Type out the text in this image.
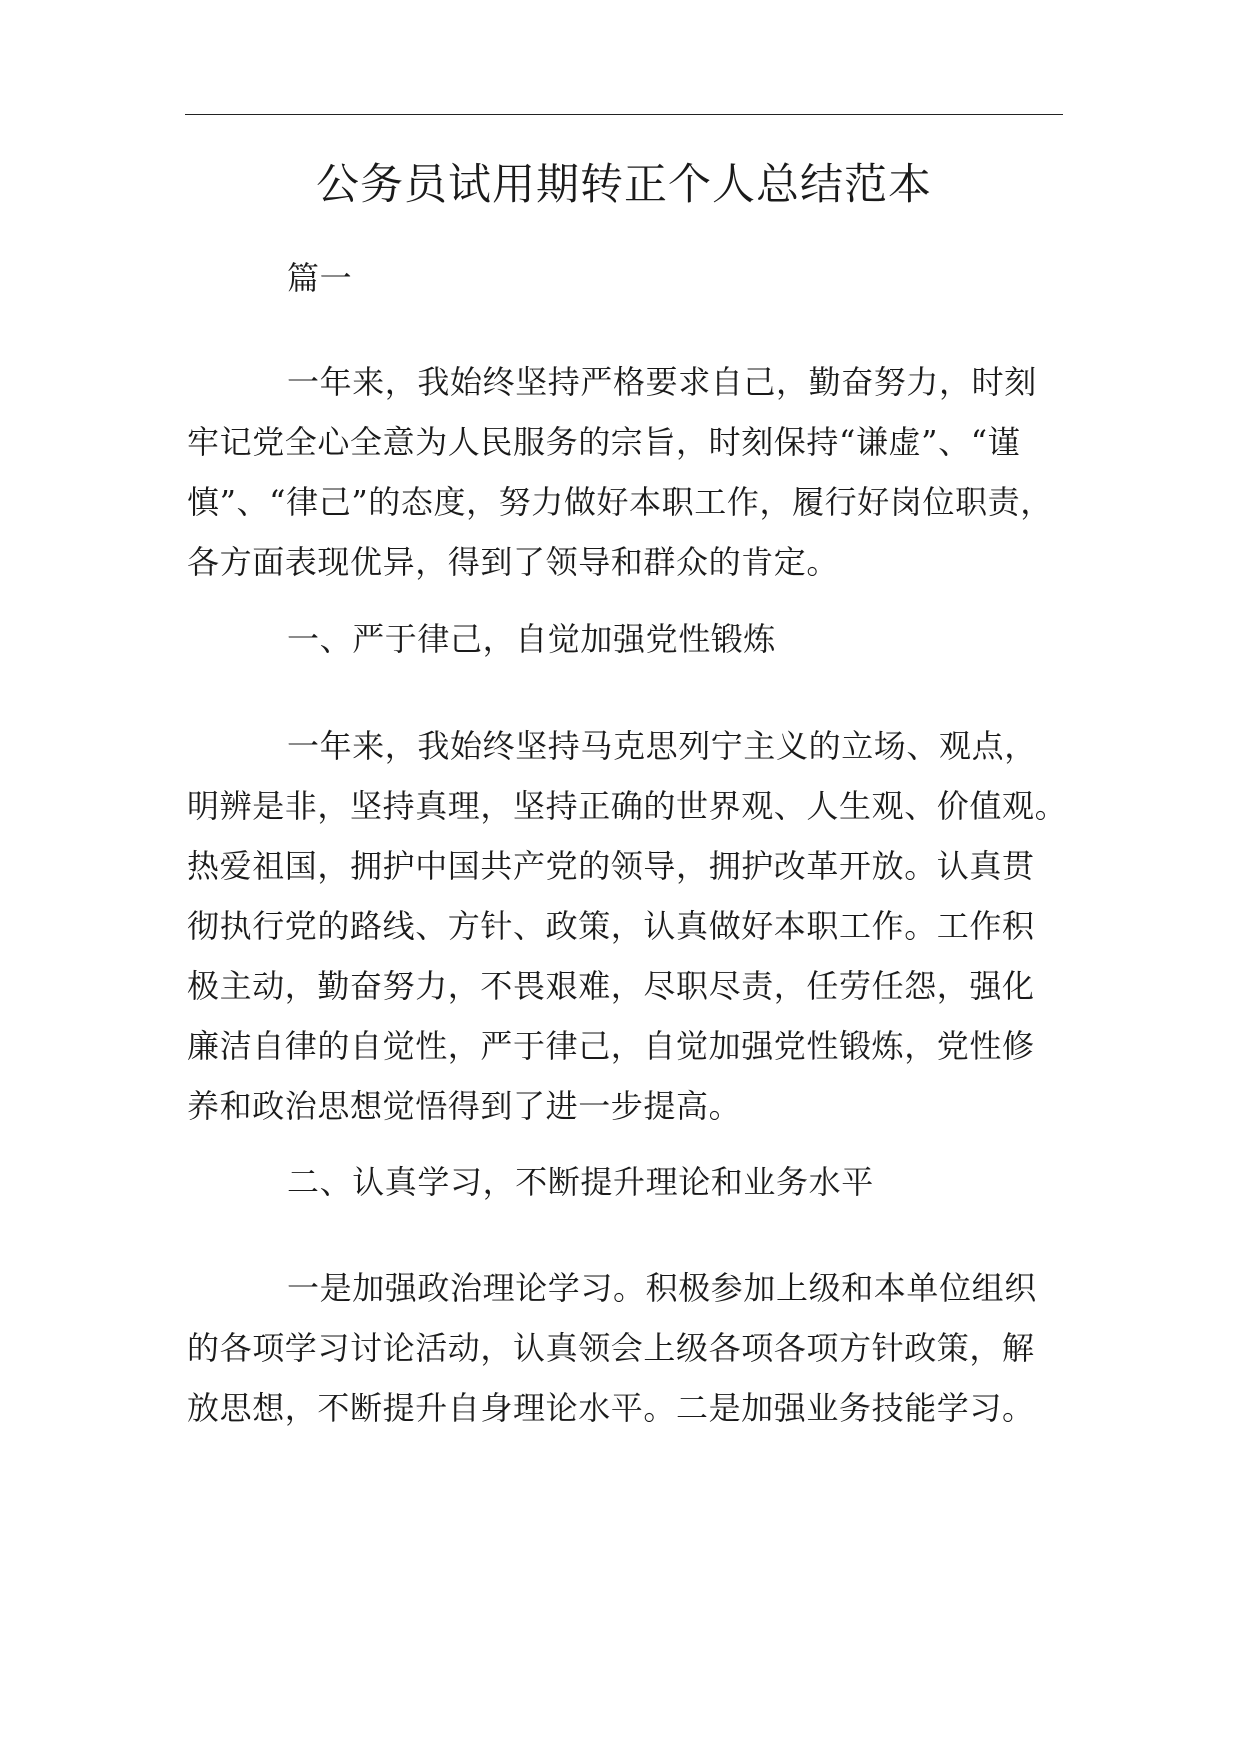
公务员试用期转正个人总结范本

篇一

一年来，我始终坚持严格要求自己，勤奋努力，时刻
牢记党全心全意为人民服务的宗旨，时刻保持“谦虚”、“谨
慎”、“律己”的态度，努力做好本职工作，履行好岗位职责，
各方面表现优异，得到了领导和群众的肯定。

一、严于律己，自觉加强党性锻炼

一年来，我始终坚持马克思列宁主义的立场、观点，
明辨是非，坚持真理，坚持正确的世界观、人生观、价值观。
热爱祖国，拥护中国共产党的领导，拥护改革开放。认真贯
彻执行党的路线、方针、政策，认真做好本职工作。工作积
极主动，勤奋努力，不畏艰难，尽职尽责，任劳任怨，强化
廉洁自律的自觉性，严于律己，自觉加强党性锻炼，党性修
养和政治思想觉悟得到了进一步提高。

二、认真学习，不断提升理论和业务水平

一是加强政治理论学习。积极参加上级和本单位组织
的各项学习讨论活动，认真领会上级各项各项方针政策，解
放思想，不断提升自身理论水平。二是加强业务技能学习。
